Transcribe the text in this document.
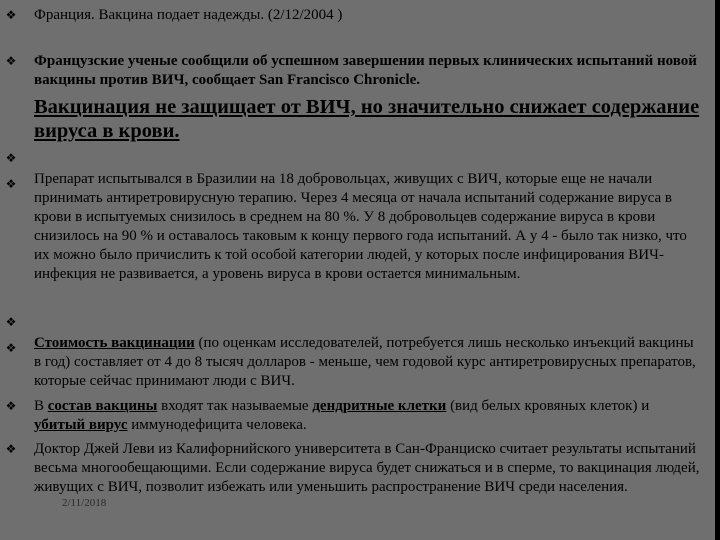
❖ Франция. Вакцина подает надежды. (2/12/2004 )
❖ Французские ученые сообщили об успешном завершении первых клинических испытаний новой вакцины против ВИЧ, сообщает San Francisco Chronicle.
Вакцинация не защищает от ВИЧ, но значительно снижает содержание вируса в крови.
❖
❖ Препарат испытывался в Бразилии на 18 добровольцах, живущих с ВИЧ, которые еще не начали принимать антиретровирусную терапию. Через 4 месяца от начала испытаний содержание вируса в крови в испытуемых снизилось в среднем на 80 %. У 8 добровольцев содержание вируса в крови снизилось на 90 % и оставалось таковым к концу первого года испытаний. А у 4 - было так низко, что их можно было причислить к той особой категории людей, у которых после инфицирования ВИЧ-инфекция не развивается, а уровень вируса в крови остается минимальным.
❖
❖ Стоимость вакцинации (по оценкам исследователей, потребуется лишь несколько инъекций вакцины в год) составляет от 4 до 8 тысяч долларов - меньше, чем годовой курс антиретровирусных препаратов, которые сейчас принимают люди с ВИЧ.
❖ В состав вакцины входят так называемые дендритные клетки (вид белых кровяных клеток) и убитый вирус иммунодефицита человека.
❖ Доктор Джей Леви из Калифорнийского университета в Сан-Франциско считает результаты испытаний весьма многообещающими. Если содержание вируса будет снижаться и в сперме, то вакцинация людей, живущих с ВИЧ, позволит избежать или уменьшить распространение ВИЧ среди населения.
2/11/2018
